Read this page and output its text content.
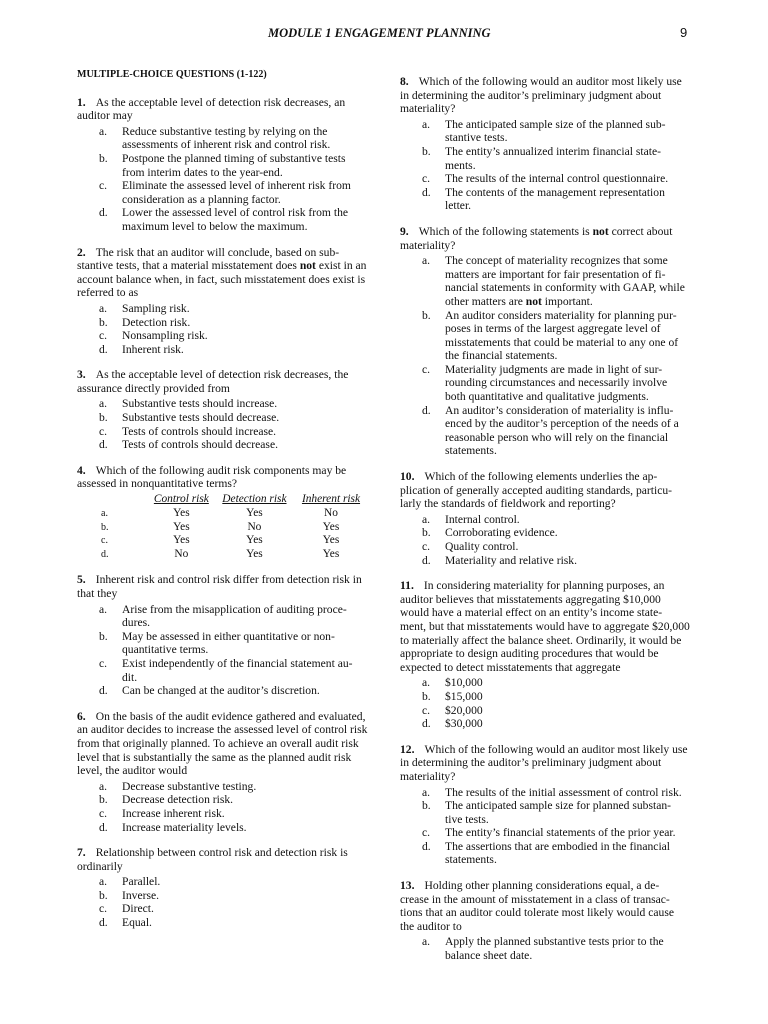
MODULE 1 ENGAGEMENT PLANNING	9
MULTIPLE-CHOICE QUESTIONS (1-122)
1. As the acceptable level of detection risk decreases, an auditor may
a. Reduce substantive testing by relying on the assessments of inherent risk and control risk.
b. Postpone the planned timing of substantive tests from interim dates to the year-end.
c. Eliminate the assessed level of inherent risk from consideration as a planning factor.
d. Lower the assessed level of control risk from the maximum level to below the maximum.
2. The risk that an auditor will conclude, based on sub- stantive tests, that a material misstatement does not exist in an account balance when, in fact, such misstatement does exist is referred to as
a. Sampling risk.
b. Detection risk.
c. Nonsampling risk.
d. Inherent risk.
3. As the acceptable level of detection risk decreases, the assurance directly provided from
a. Substantive tests should increase.
b. Substantive tests should decrease.
c. Tests of controls should increase.
d. Tests of controls should decrease.
4. Which of the following audit risk components may be assessed in nonquantitative terms?
	Control risk	Detection risk	Inherent risk
a.	Yes	Yes	No
b.	Yes	No	Yes
c.	Yes	Yes	Yes
d.	No	Yes	Yes
5. Inherent risk and control risk differ from detection risk in that they
a. Arise from the misapplication of auditing proce- dures.
b. May be assessed in either quantitative or non- quantitative terms.
c. Exist independently of the financial statement au- dit.
d. Can be changed at the auditor’s discretion.
6. On the basis of the audit evidence gathered and evaluated, an auditor decides to increase the assessed level of control risk from that originally planned. To achieve an overall audit risk level that is substantially the same as the planned audit risk level, the auditor would
a. Decrease substantive testing.
b. Decrease detection risk.
c. Increase inherent risk.
d. Increase materiality levels.
7. Relationship between control risk and detection risk is ordinarily
a. Parallel.
b. Inverse.
c. Direct.
d. Equal.
8. Which of the following would an auditor most likely use in determining the auditor’s preliminary judgment about materiality?
a. The anticipated sample size of the planned sub- stantive tests.
b. The entity’s annualized interim financial state- ments.
c. The results of the internal control questionnaire.
d. The contents of the management representation letter.
9. Which of the following statements is not correct about materiality?
a. The concept of materiality recognizes that some matters are important for fair presentation of fi- nancial statements in conformity with GAAP, while other matters are not important.
b. An auditor considers materiality for planning pur- poses in terms of the largest aggregate level of misstatements that could be material to any one of the financial statements.
c. Materiality judgments are made in light of sur- rounding circumstances and necessarily involve both quantitative and qualitative judgments.
d. An auditor’s consideration of materiality is influ- enced by the auditor’s perception of the needs of a reasonable person who will rely on the financial statements.
10. Which of the following elements underlies the ap- plication of generally accepted auditing standards, particu- larly the standards of fieldwork and reporting?
a. Internal control.
b. Corroborating evidence.
c. Quality control.
d. Materiality and relative risk.
11. In considering materiality for planning purposes, an auditor believes that misstatements aggregating $10,000 would have a material effect on an entity’s income state- ment, but that misstatements would have to aggregate $20,000 to materially affect the balance sheet. Ordinarily, it would be appropriate to design auditing procedures that would be expected to detect misstatements that aggregate
a. $10,000
b. $15,000
c. $20,000
d. $30,000
12. Which of the following would an auditor most likely use in determining the auditor’s preliminary judgment about materiality?
a. The results of the initial assessment of control risk.
b. The anticipated sample size for planned substan- tive tests.
c. The entity’s financial statements of the prior year.
d. The assertions that are embodied in the financial statements.
13. Holding other planning considerations equal, a de- crease in the amount of misstatement in a class of transac- tions that an auditor could tolerate most likely would cause the auditor to
a. Apply the planned substantive tests prior to the balance sheet date.
